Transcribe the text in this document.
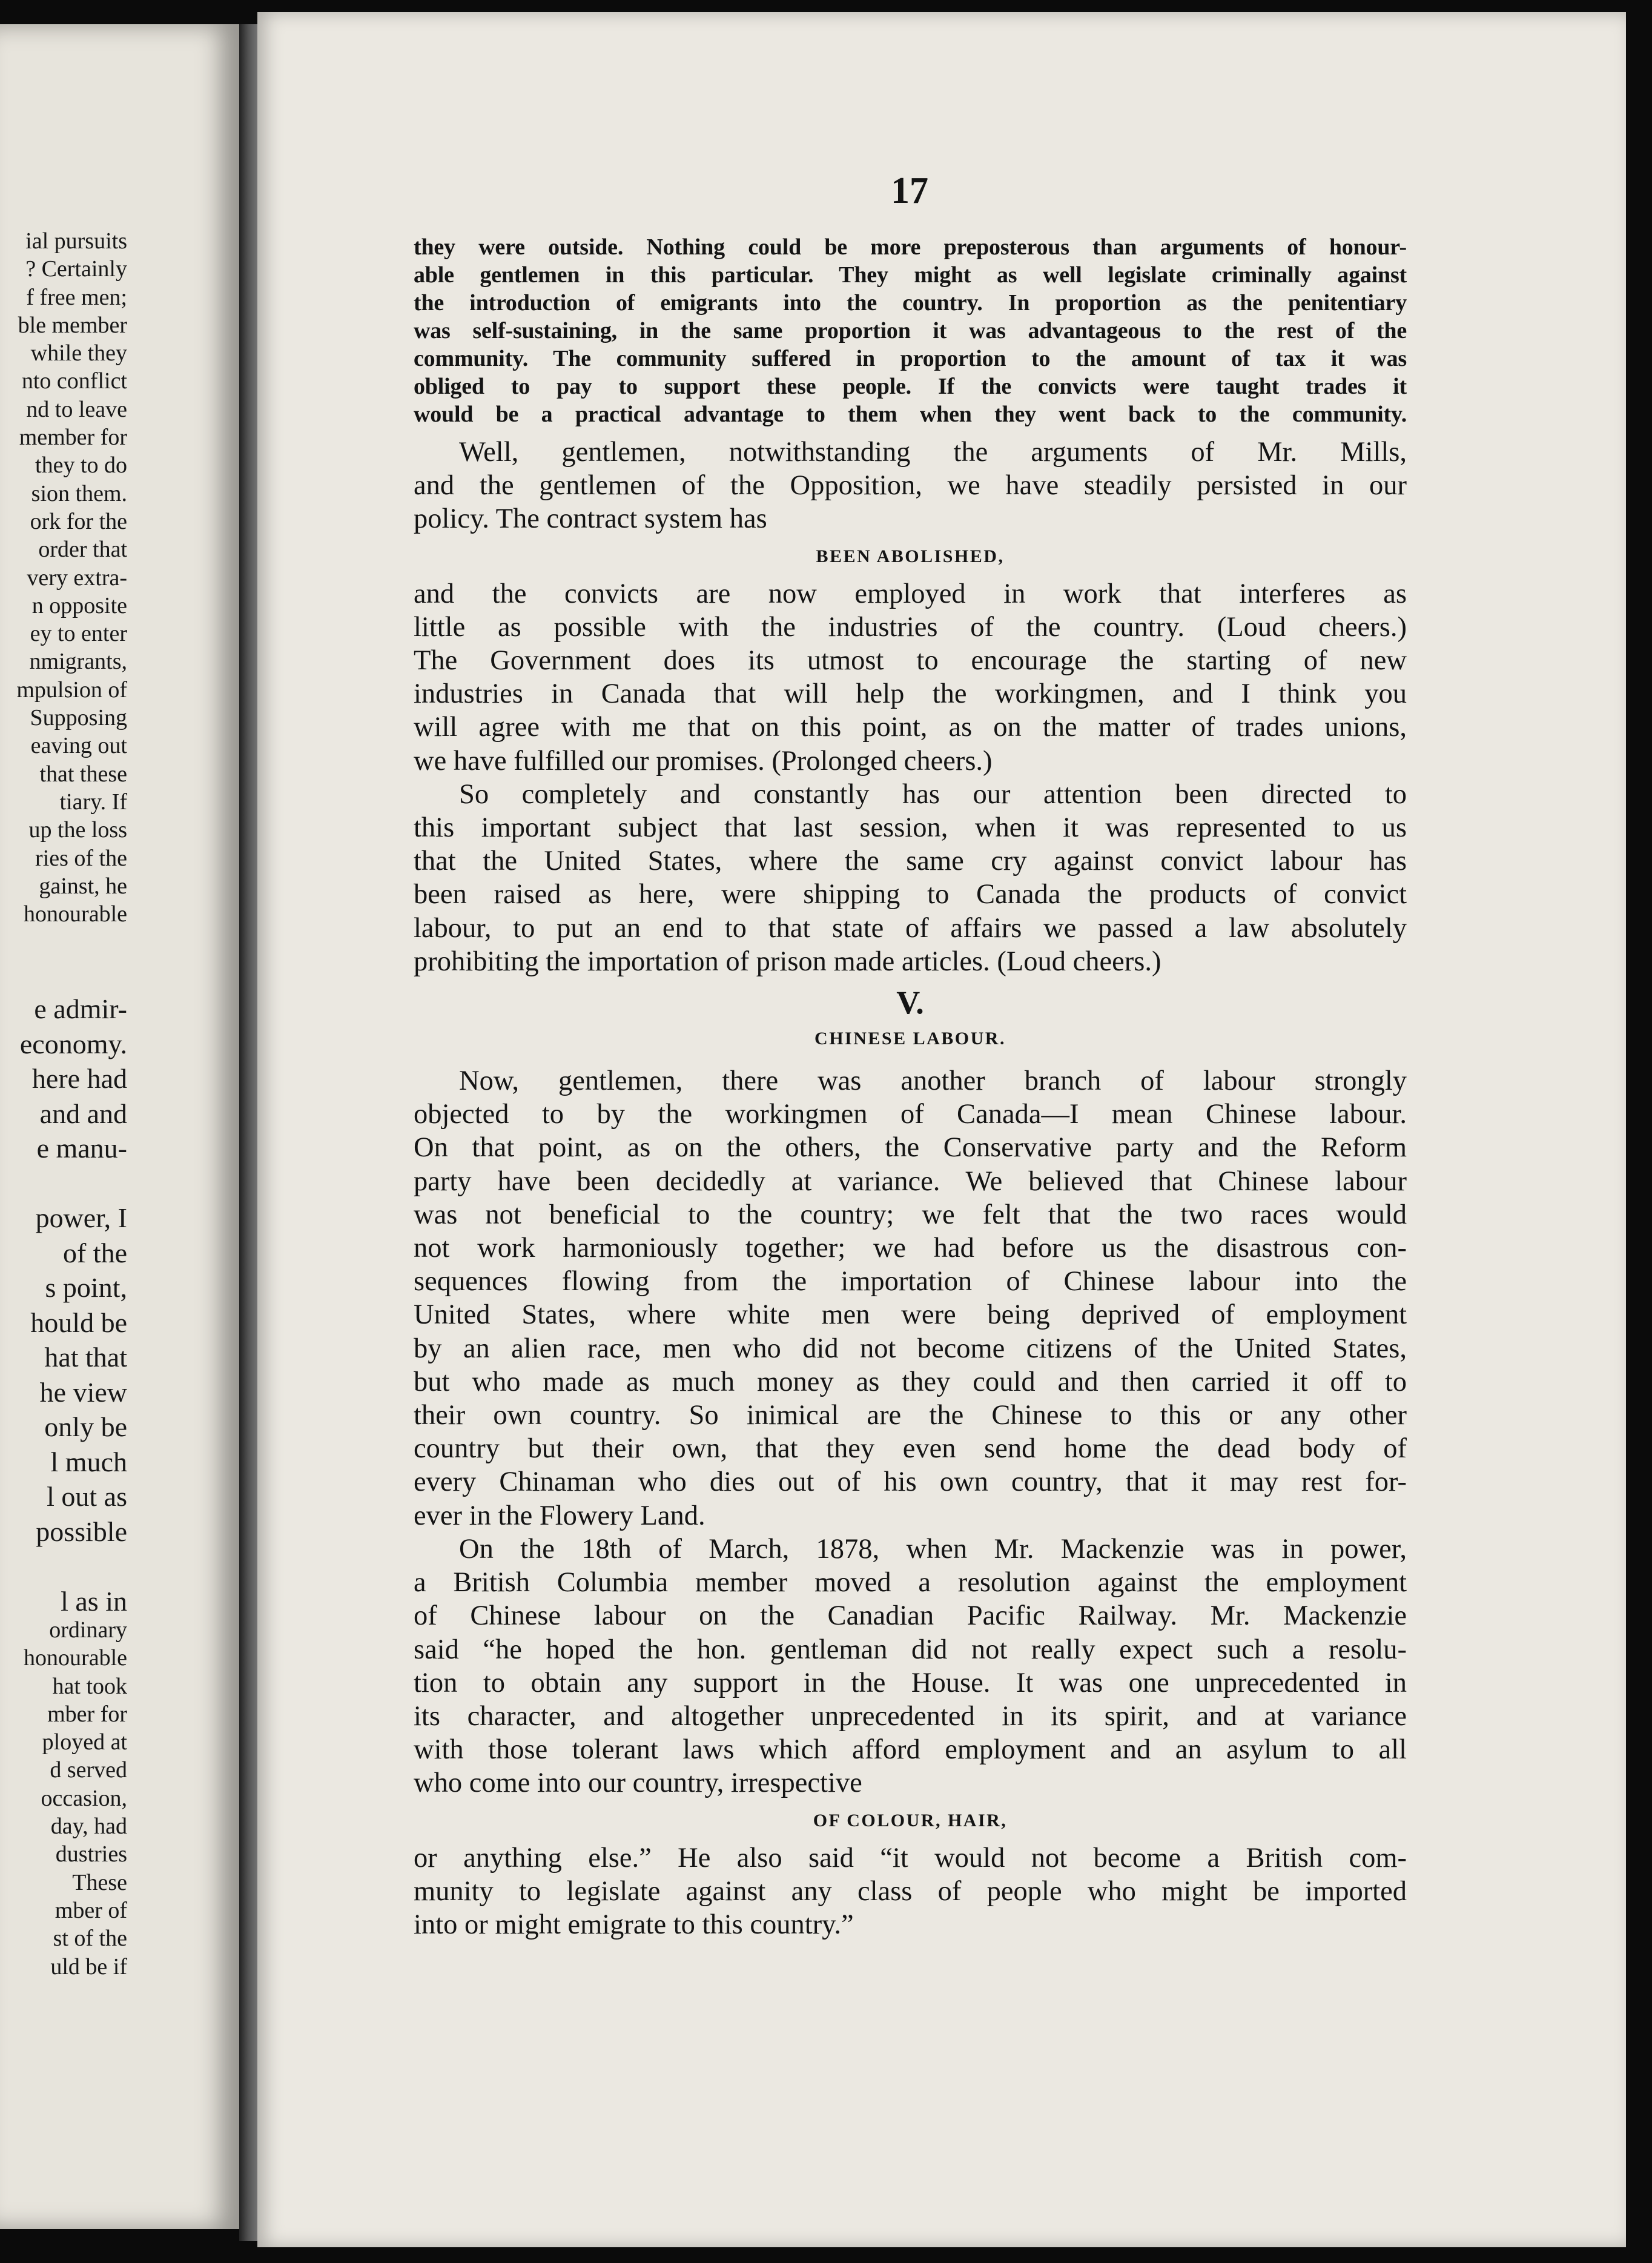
ial pursuits
? Certainly
f free men;
ble member
while they
nto conflict
nd to leave
member for
they to do
sion them.
ork for the
order that
very extra-
n opposite
ey to enter
nmigrants,
mpulsion of
Supposing
eaving out
that these
tiary. If
up the loss
ries of the
gainst, he
honourable
e admir-
economy.
here had
and and
e manu-

power, I
of the
s point,
hould be
hat that
he view
only be
l much
l out as
possible

l as in
ordinary
honourable
hat took
mber for
ployed at
d served
occasion,
day, had
dustries
These
mber of
st of the
uld be if
17
they were outside. Nothing could be more preposterous than arguments of honour-
able gentlemen in this particular. They might as well legislate criminally against
the introduction of emigrants into the country. In proportion as the penitentiary
was self-sustaining, in the same proportion it was advantageous to the rest of the
community. The community suffered in proportion to the amount of tax it was
obliged to pay to support these people. If the convicts were taught trades it
would be a practical advantage to them when they went back to the community.
Well, gentlemen, notwithstanding the arguments of Mr. Mills,
and the gentlemen of the Opposition, we have steadily persisted in our
policy. The contract system has
BEEN ABOLISHED,
and the convicts are now employed in work that interferes as
little as possible with the industries of the country. (Loud cheers.)
The Government does its utmost to encourage the starting of new
industries in Canada that will help the workingmen, and I think you
will agree with me that on this point, as on the matter of trades unions,
we have fulfilled our promises. (Prolonged cheers.)
So completely and constantly has our attention been directed to
this important subject that last session, when it was represented to us
that the United States, where the same cry against convict labour has
been raised as here, were shipping to Canada the products of convict
labour, to put an end to that state of affairs we passed a law absolutely
prohibiting the importation of prison made articles. (Loud cheers.)
V.
CHINESE LABOUR.
Now, gentlemen, there was another branch of labour strongly
objected to by the workingmen of Canada—I mean Chinese labour.
On that point, as on the others, the Conservative party and the Reform
party have been decidedly at variance. We believed that Chinese labour
was not beneficial to the country; we felt that the two races would
not work harmoniously together; we had before us the disastrous con-
sequences flowing from the importation of Chinese labour into the
United States, where white men were being deprived of employment
by an alien race, men who did not become citizens of the United States,
but who made as much money as they could and then carried it off to
their own country. So inimical are the Chinese to this or any other
country but their own, that they even send home the dead body of
every Chinaman who dies out of his own country, that it may rest for-
ever in the Flowery Land.
On the 18th of March, 1878, when Mr. Mackenzie was in power,
a British Columbia member moved a resolution against the employment
of Chinese labour on the Canadian Pacific Railway. Mr. Mackenzie
said “he hoped the hon. gentleman did not really expect such a resolu-
tion to obtain any support in the House. It was one unprecedented in
its character, and altogether unprecedented in its spirit, and at variance
with those tolerant laws which afford employment and an asylum to all
who come into our country, irrespective
OF COLOUR, HAIR,
or anything else.” He also said “it would not become a British com-
munity to legislate against any class of people who might be imported
into or might emigrate to this country.”
